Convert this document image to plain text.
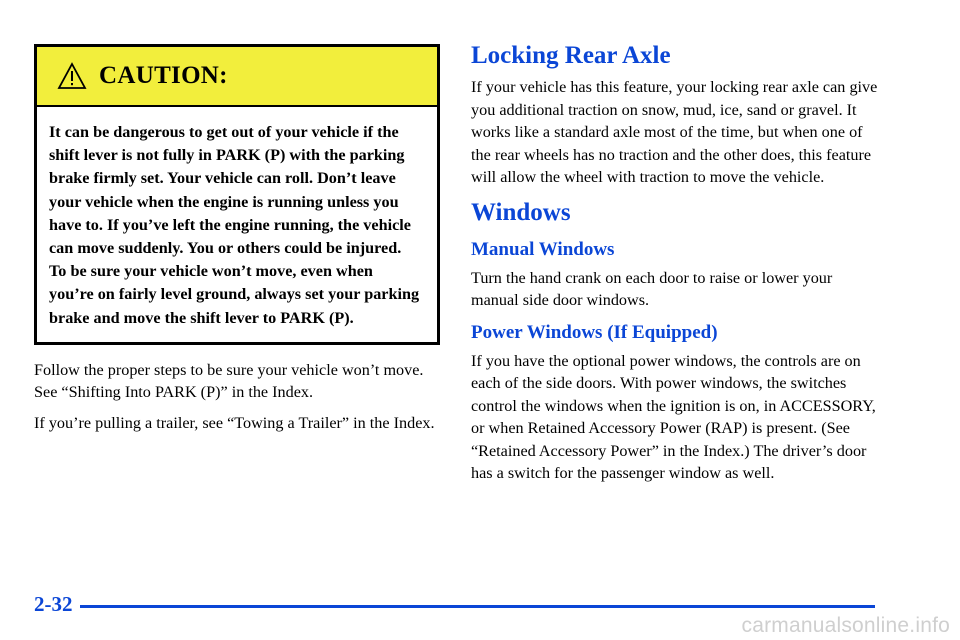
CAUTION:
It can be dangerous to get out of your vehicle if the shift lever is not fully in PARK (P) with the parking brake firmly set. Your vehicle can roll. Don’t leave your vehicle when the engine is running unless you have to. If you’ve left the engine running, the vehicle can move suddenly. You or others could be injured. To be sure your vehicle won’t move, even when you’re on fairly level ground, always set your parking brake and move the shift lever to PARK (P).

Follow the proper steps to be sure your vehicle won’t move. See “Shifting Into PARK (P)” in the Index.

If you’re pulling a trailer, see “Towing a Trailer” in the Index.

Locking Rear Axle

If your vehicle has this feature, your locking rear axle can give you additional traction on snow, mud, ice, sand or gravel. It works like a standard axle most of the time, but when one of the rear wheels has no traction and the other does, this feature will allow the wheel with traction to move the vehicle.

Windows
Manual Windows

Turn the hand crank on each door to raise or lower your manual side door windows.

Power Windows (If Equipped)

If you have the optional power windows, the controls are on each of the side doors. With power windows, the switches control the windows when the ignition is on, in ACCESSORY, or when Retained Accessory Power (RAP) is present. (See “Retained Accessory Power” in the Index.) The driver’s door has a switch for the passenger window as well.

2-32
carmanualsonline.info
